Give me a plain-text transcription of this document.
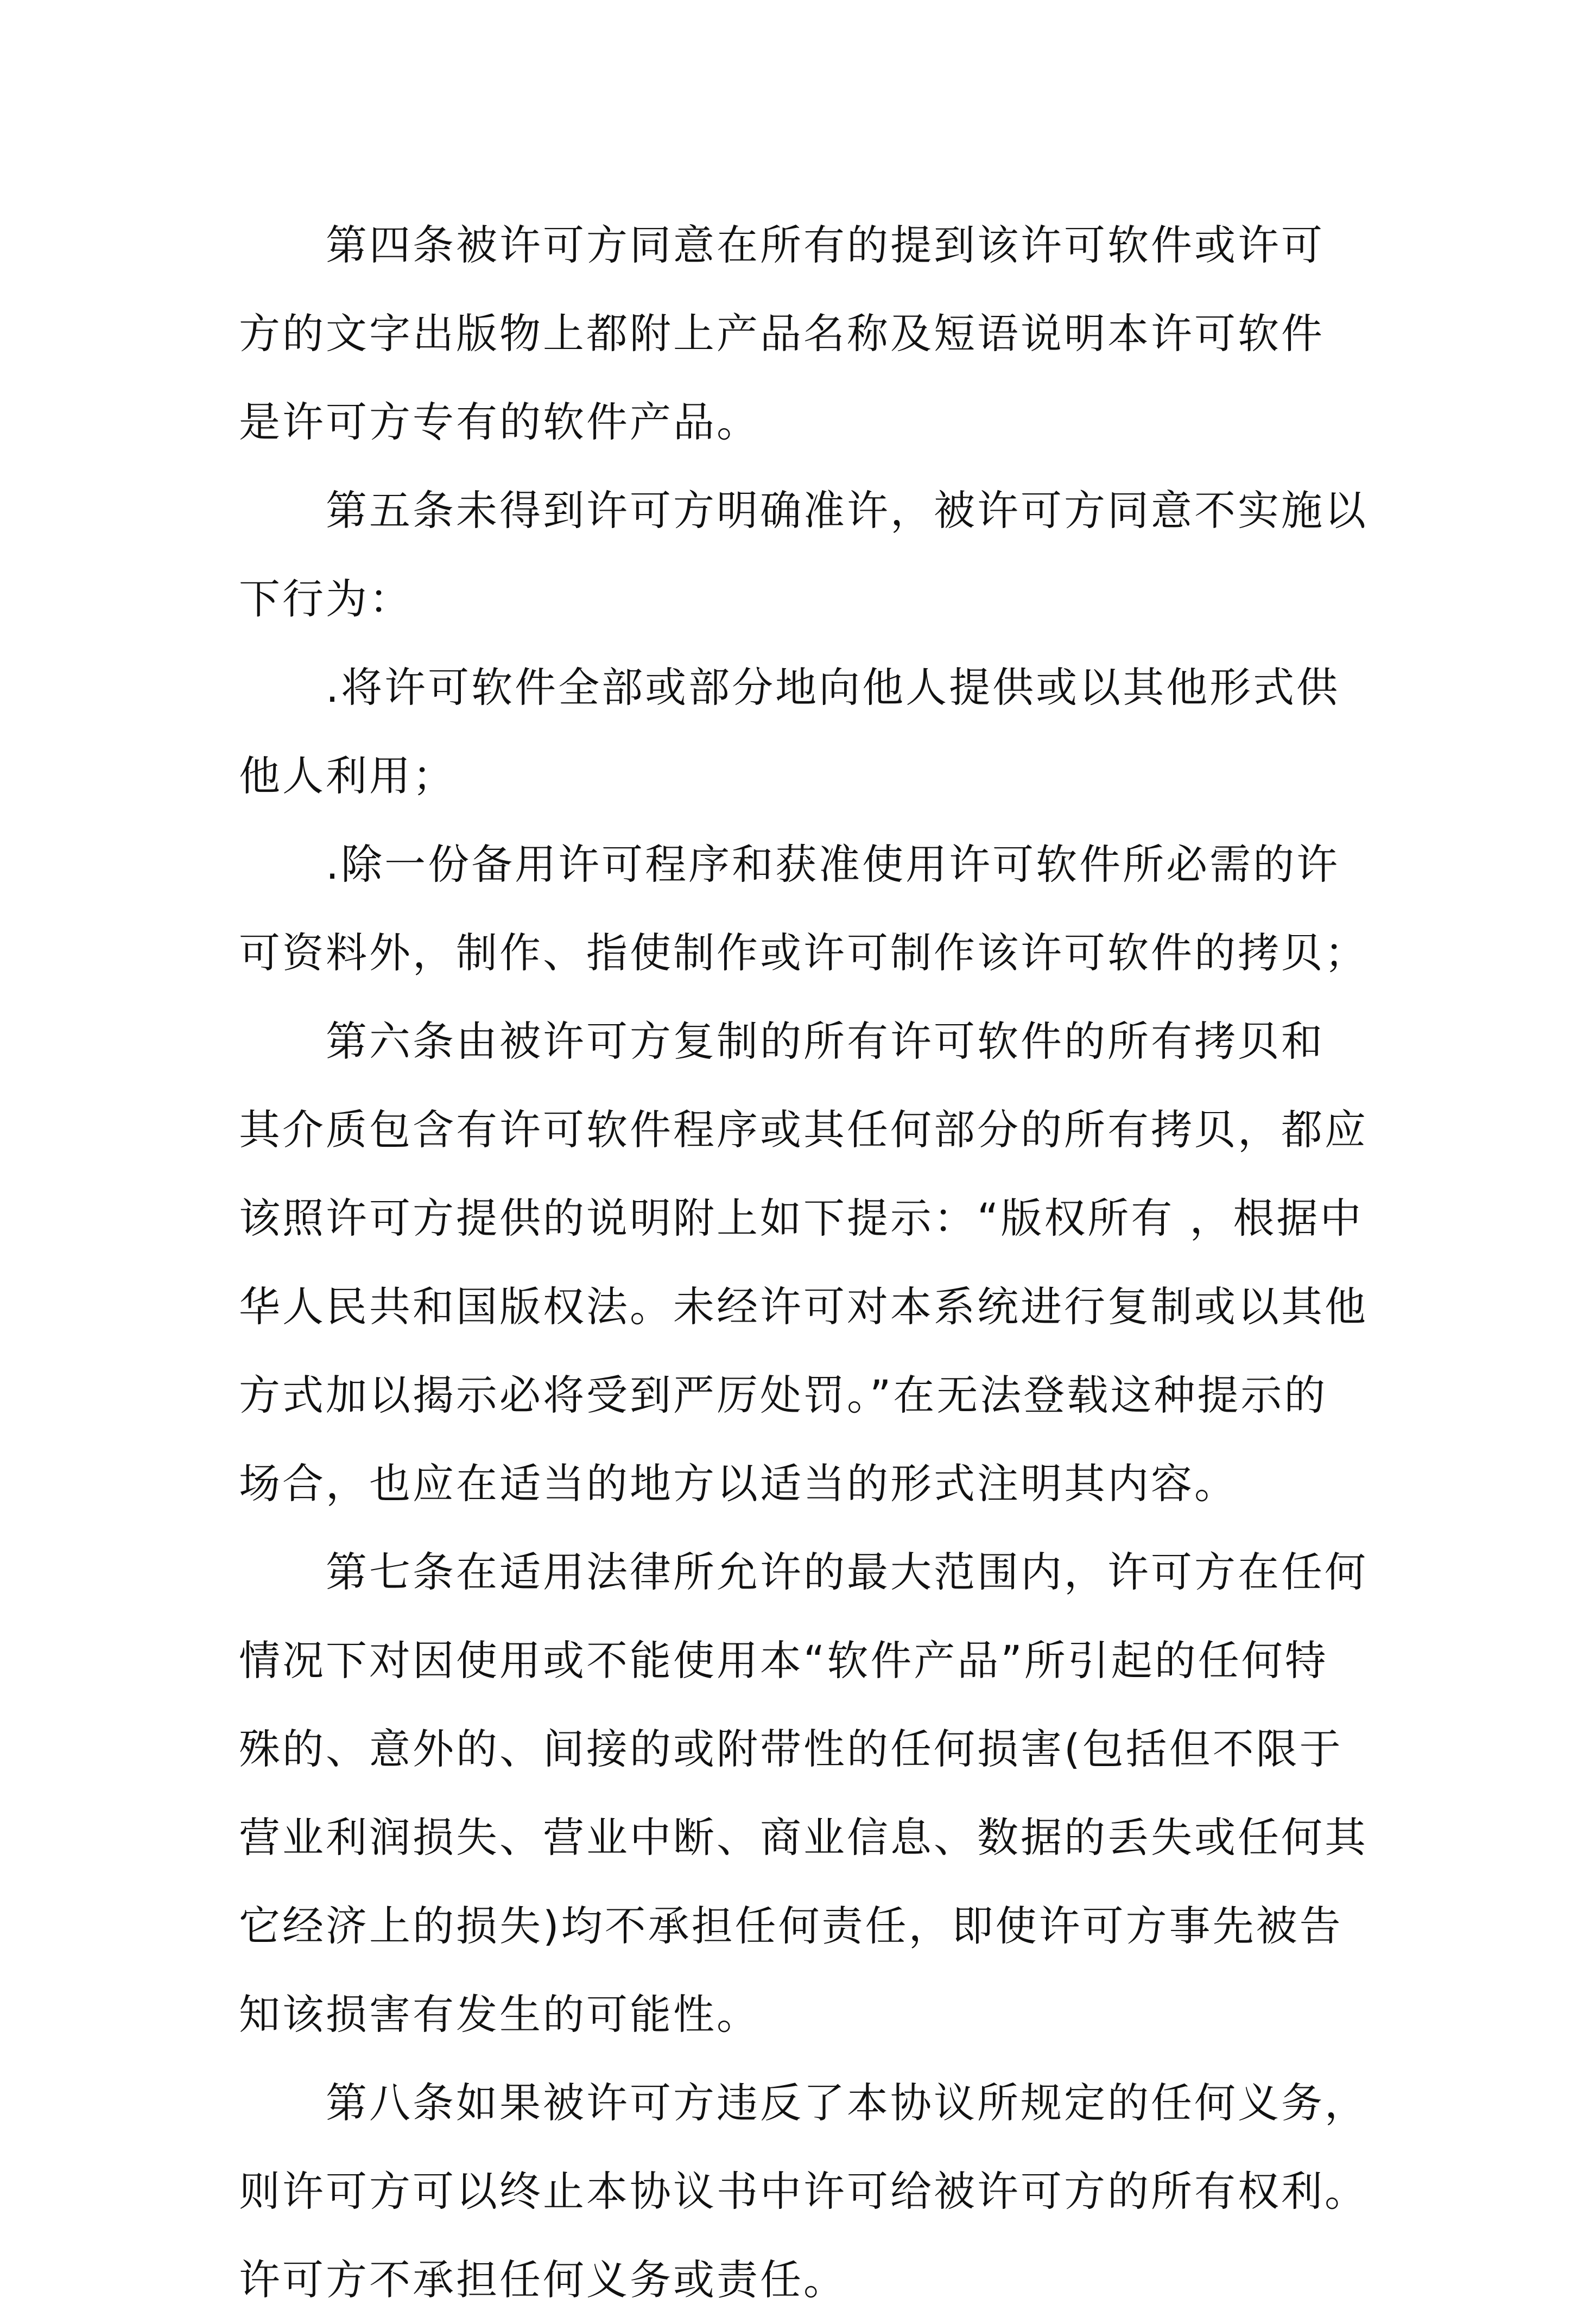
第四条被许可方同意在所有的提到该许可软件或许可
方的文字出版物上都附上产品名称及短语说明本许可软件
是许可方专有的软件产品。
第五条未得到许可方明确准许，被许可方同意不实施以
下行为：
.将许可软件全部或部分地向他人提供或以其他形式供
他人利用；
.除一份备用许可程序和获准使用许可软件所必需的许
可资料外，制作、指使制作或许可制作该许可软件的拷贝；
第六条由被许可方复制的所有许可软件的所有拷贝和
其介质包含有许可软件程序或其任何部分的所有拷贝，都应
该照许可方提供的说明附上如下提示：“版权所有 ，根据中
华人民共和国版权法。未经许可对本系统进行复制或以其他
方式加以揭示必将受到严厉处罚。”在无法登载这种提示的
场合，也应在适当的地方以适当的形式注明其内容。
第七条在适用法律所允许的最大范围内，许可方在任何
情况下对因使用或不能使用本“软件产品”所引起的任何特
殊的、意外的、间接的或附带性的任何损害(包括但不限于
营业利润损失、营业中断、商业信息、数据的丢失或任何其
它经济上的损失)均不承担任何责任，即使许可方事先被告
知该损害有发生的可能性。
第八条如果被许可方违反了本协议所规定的任何义务，
则许可方可以终止本协议书中许可给被许可方的所有权利。
许可方不承担任何义务或责任。
